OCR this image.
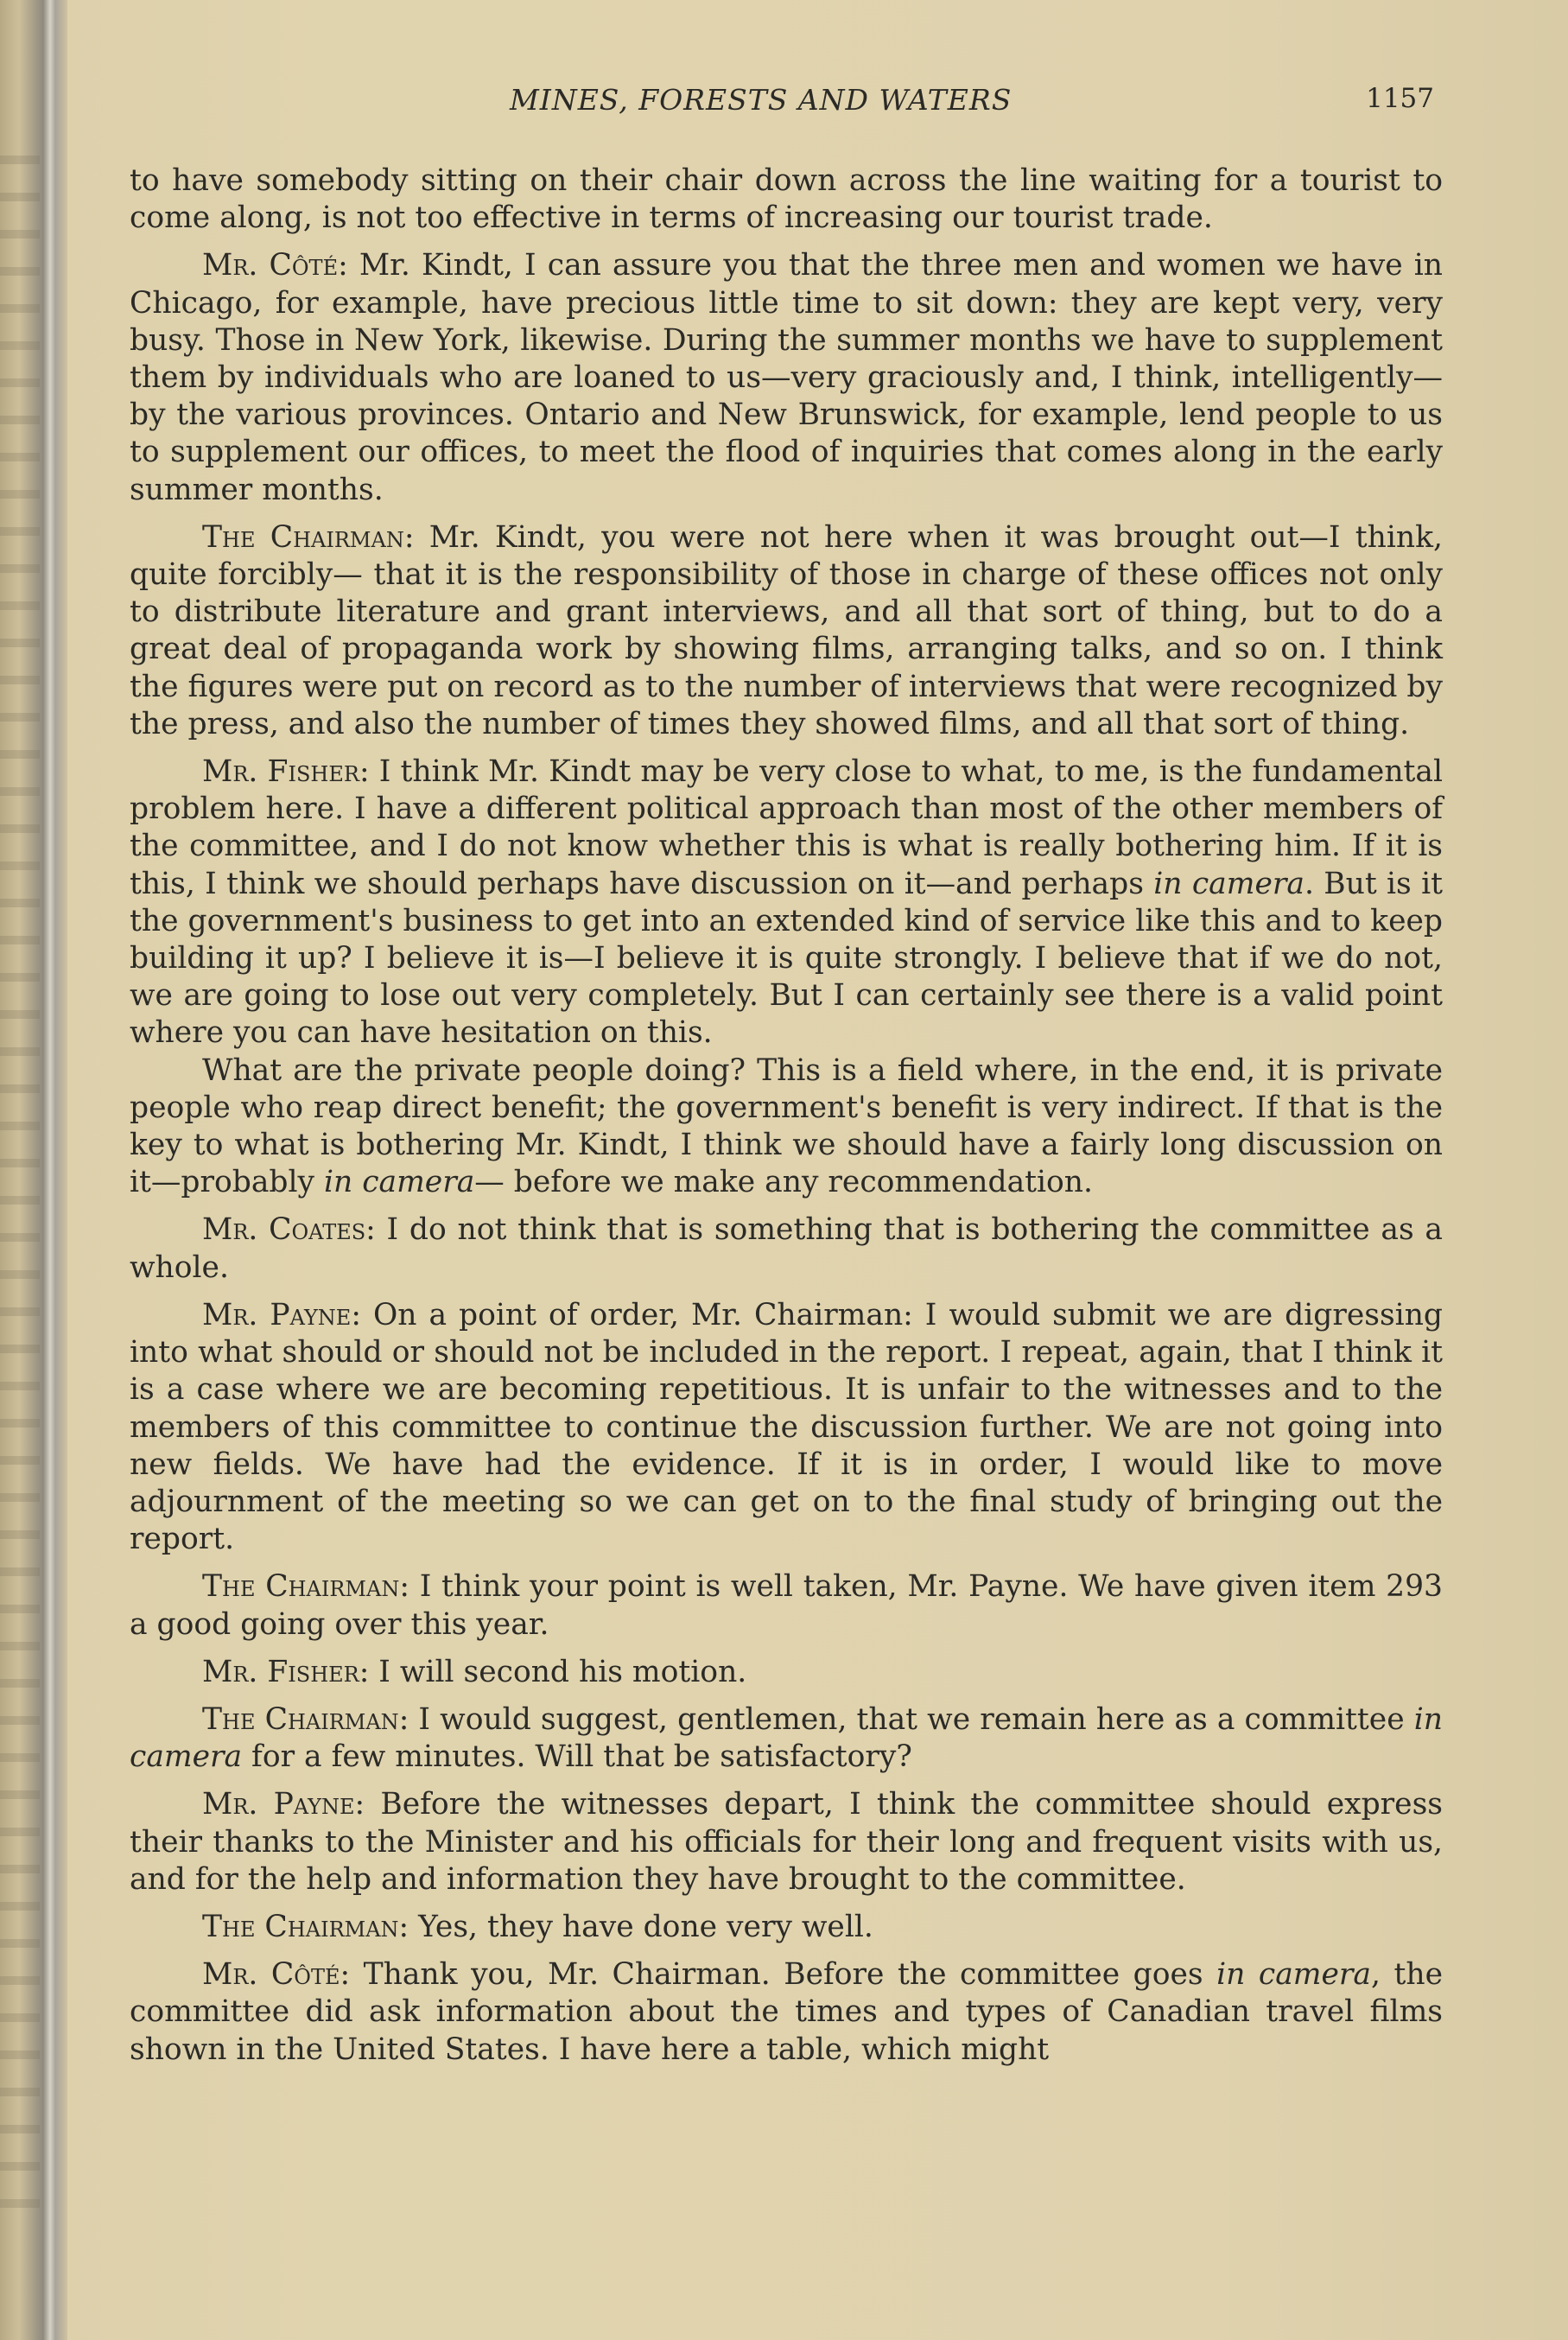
MINES, FORESTS AND WATERS	1157

to have somebody sitting on their chair down across the line waiting for a tourist to come along, is not too effective in terms of increasing our tourist trade.

Mr. Côté: Mr. Kindt, I can assure you that the three men and women we have in Chicago, for example, have precious little time to sit down: they are kept very, very busy. Those in New York, likewise. During the summer months we have to supplement them by individuals who are loaned to us—very graciously and, I think, intelligently—by the various provinces. Ontario and New Brunswick, for example, lend people to us to supplement our offices, to meet the flood of inquiries that comes along in the early summer months.

The Chairman: Mr. Kindt, you were not here when it was brought out—I think, quite forcibly— that it is the responsibility of those in charge of these offices not only to distribute literature and grant interviews, and all that sort of thing, but to do a great deal of propaganda work by showing films, arranging talks, and so on. I think the figures were put on record as to the number of interviews that were recognized by the press, and also the number of times they showed films, and all that sort of thing.

Mr. Fisher: I think Mr. Kindt may be very close to what, to me, is the fundamental problem here. I have a different political approach than most of the other members of the committee, and I do not know whether this is what is really bothering him. If it is this, I think we should perhaps have discussion on it—and perhaps in camera. But is it the government's business to get into an extended kind of service like this and to keep building it up? I believe it is—I believe it is quite strongly. I believe that if we do not, we are going to lose out very completely. But I can certainly see there is a valid point where you can have hesitation on this.

What are the private people doing? This is a field where, in the end, it is private people who reap direct benefit; the government's benefit is very indirect. If that is the key to what is bothering Mr. Kindt, I think we should have a fairly long discussion on it—probably in camera— before we make any recommendation.

Mr. Coates: I do not think that is something that is bothering the committee as a whole.

Mr. Payne: On a point of order, Mr. Chairman: I would submit we are digressing into what should or should not be included in the report. I repeat, again, that I think it is a case where we are becoming repetitious. It is unfair to the witnesses and to the members of this committee to continue the discussion further. We are not going into new fields. We have had the evidence. If it is in order, I would like to move adjournment of the meeting so we can get on to the final study of bringing out the report.

The Chairman: I think your point is well taken, Mr. Payne. We have given item 293 a good going over this year.

Mr. Fisher: I will second his motion.

The Chairman: I would suggest, gentlemen, that we remain here as a committee in camera for a few minutes. Will that be satisfactory?

Mr. Payne: Before the witnesses depart, I think the committee should express their thanks to the Minister and his officials for their long and frequent visits with us, and for the help and information they have brought to the committee.

The Chairman: Yes, they have done very well.

Mr. Côté: Thank you, Mr. Chairman. Before the committee goes in camera, the committee did ask information about the times and types of Canadian travel films shown in the United States. I have here a table, which might
